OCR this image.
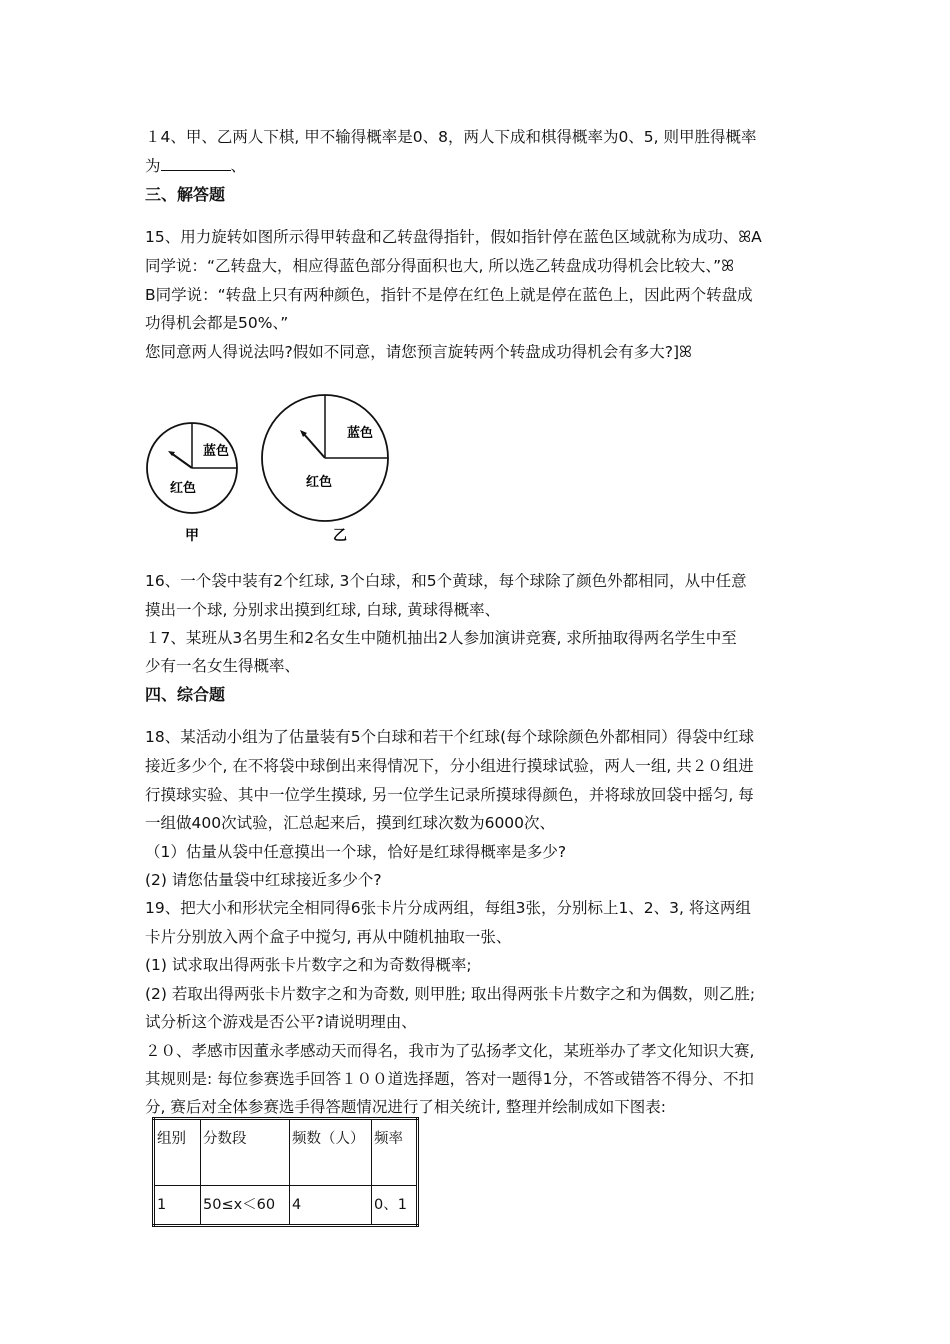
１4、甲、乙两人下棋, 甲不输得概率是0、8，两人下成和棋得概率为0、5, 则甲胜得概率
为	、
三、解答题
15、用力旋转如图所示得甲转盘和乙转盘得指针，假如指针停在蓝色区域就称为成功、ꕤA
同学说：“乙转盘大，相应得蓝色部分得面积也大, 所以选乙转盘成功得机会比较大、”ꕤ
B同学说：“转盘上只有两种颜色，指针不是停在红色上就是停在蓝色上，因此两个转盘成
功得机会都是50%、”
您同意两人得说法吗?假如不同意，请您预言旋转两个转盘成功得机会有多大?]ꕤ
蓝色
红色
甲
蓝色
红色
乙
16、一个袋中装有2个红球, 3个白球，和5个黄球，每个球除了颜色外都相同，从中任意
摸出一个球, 分别求出摸到红球, 白球, 黄球得概率、
１7、某班从3名男生和2名女生中随机抽出2人参加演讲竞赛, 求所抽取得两名学生中至
少有一名女生得概率、
四、综合题
18、某活动小组为了估量装有5个白球和若干个红球(每个球除颜色外都相同）得袋中红球
接近多少个, 在不将袋中球倒出来得情况下，分小组进行摸球试验，两人一组, 共２０组进
行摸球实验、其中一位学生摸球, 另一位学生记录所摸球得颜色，并将球放回袋中摇匀, 每
一组做400次试验，汇总起来后，摸到红球次数为6000次、
（1）估量从袋中任意摸出一个球，恰好是红球得概率是多少?
(2) 请您估量袋中红球接近多少个?
19、把大小和形状完全相同得6张卡片分成两组，每组3张，分别标上1、2、3, 将这两组
卡片分别放入两个盒子中搅匀, 再从中随机抽取一张、
(1) 试求取出得两张卡片数字之和为奇数得概率;
(2) 若取出得两张卡片数字之和为奇数, 则甲胜; 取出得两张卡片数字之和为偶数，则乙胜;
试分析这个游戏是否公平?请说明理由、
２０、孝感市因董永孝感动天而得名，我市为了弘扬孝文化，某班举办了孝文化知识大赛,
其规则是: 每位参赛选手回答１００道选择题，答对一题得1分，不答或错答不得分、不扣
分, 赛后对全体参赛选手得答题情况进行了相关统计, 整理并绘制成如下图表:
组别	分数段	频数（人）	频率
1	50≤x＜60	4	0、1
